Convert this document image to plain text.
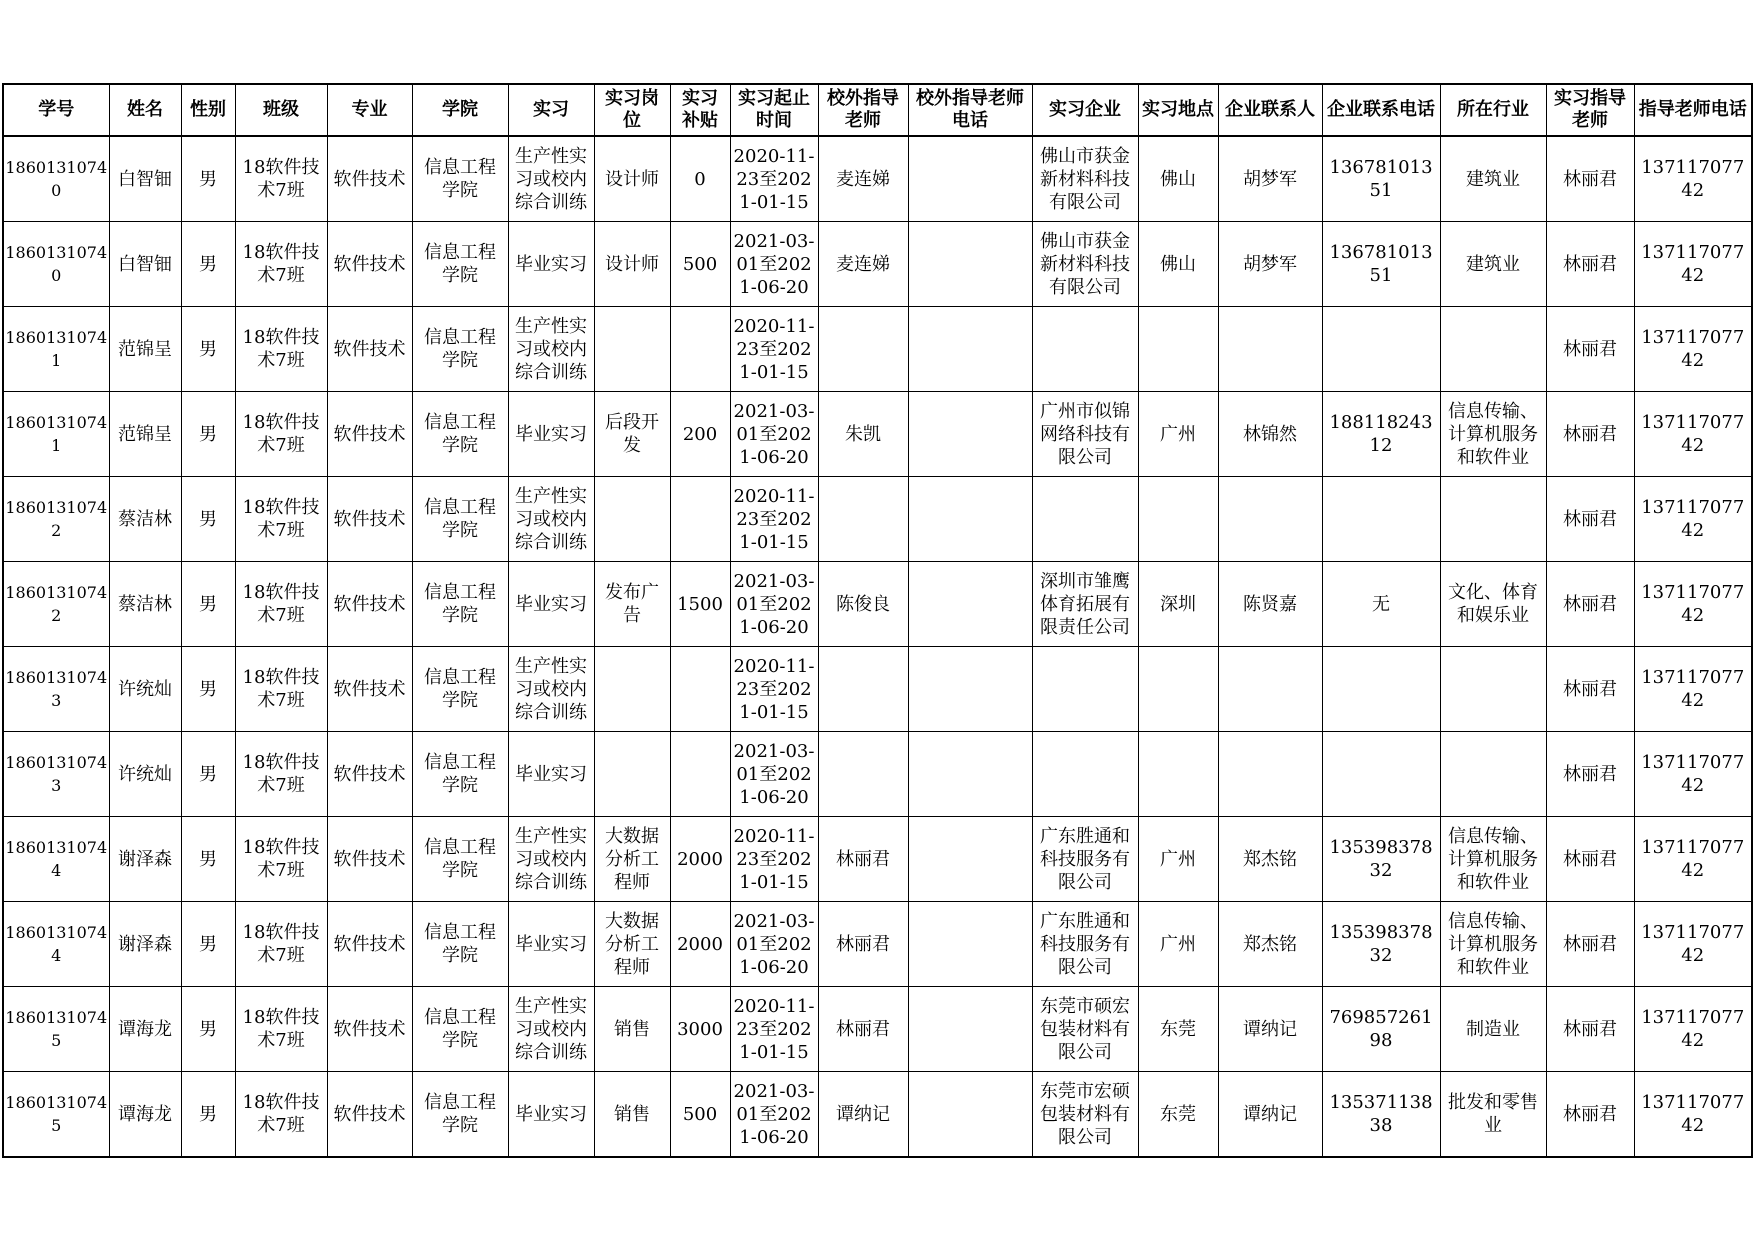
学号	姓名	性别	班级	专业	学院	实习	实习岗位	实习补贴	实习起止时间	校外指导老师	校外指导老师电话	实习企业	实习地点	企业联系人	企业联系电话	所在行业	实习指导老师	指导老师电话
18601310740	白智钿	男	18软件技术7班	软件技术	信息工程学院	生产性实习或校内综合训练	设计师	0	2020-11-23至2021-01-15	麦连娣		佛山市获金新材料科技有限公司	佛山	胡梦军	13678101351	建筑业	林丽君	13711707742
18601310740	白智钿	男	18软件技术7班	软件技术	信息工程学院	毕业实习	设计师	500	2021-03-01至2021-06-20	麦连娣		佛山市获金新材料科技有限公司	佛山	胡梦军	13678101351	建筑业	林丽君	13711707742
18601310741	范锦呈	男	18软件技术7班	软件技术	信息工程学院	生产性实习或校内综合训练			2020-11-23至2021-01-15								林丽君	13711707742
18601310741	范锦呈	男	18软件技术7班	软件技术	信息工程学院	毕业实习	后段开发	200	2021-03-01至2021-06-20	朱凯		广州市似锦网络科技有限公司	广州	林锦然	18811824312	信息传输、计算机服务和软件业	林丽君	13711707742
18601310742	蔡洁林	男	18软件技术7班	软件技术	信息工程学院	生产性实习或校内综合训练			2020-11-23至2021-01-15								林丽君	13711707742
18601310742	蔡洁林	男	18软件技术7班	软件技术	信息工程学院	毕业实习	发布广告	1500	2021-03-01至2021-06-20	陈俊良		深圳市雏鹰体育拓展有限责任公司	深圳	陈贤嘉	无	文化、体育和娱乐业	林丽君	13711707742
18601310743	许统灿	男	18软件技术7班	软件技术	信息工程学院	生产性实习或校内综合训练			2020-11-23至2021-01-15								林丽君	13711707742
18601310743	许统灿	男	18软件技术7班	软件技术	信息工程学院	毕业实习			2021-03-01至2021-06-20								林丽君	13711707742
18601310744	谢泽森	男	18软件技术7班	软件技术	信息工程学院	生产性实习或校内综合训练	大数据分析工程师	2000	2020-11-23至2021-01-15	林丽君		广东胜通和科技服务有限公司	广州	郑杰铭	13539837832	信息传输、计算机服务和软件业	林丽君	13711707742
18601310744	谢泽森	男	18软件技术7班	软件技术	信息工程学院	毕业实习	大数据分析工程师	2000	2021-03-01至2021-06-20	林丽君		广东胜通和科技服务有限公司	广州	郑杰铭	13539837832	信息传输、计算机服务和软件业	林丽君	13711707742
18601310745	谭海龙	男	18软件技术7班	软件技术	信息工程学院	生产性实习或校内综合训练	销售	3000	2020-11-23至2021-01-15	林丽君		东莞市硕宏包装材料有限公司	东莞	谭纳记	76985726198	制造业	林丽君	13711707742
18601310745	谭海龙	男	18软件技术7班	软件技术	信息工程学院	毕业实习	销售	500	2021-03-01至2021-06-20	谭纳记		东莞市宏硕包装材料有限公司	东莞	谭纳记	13537113838	批发和零售业	林丽君	13711707742
